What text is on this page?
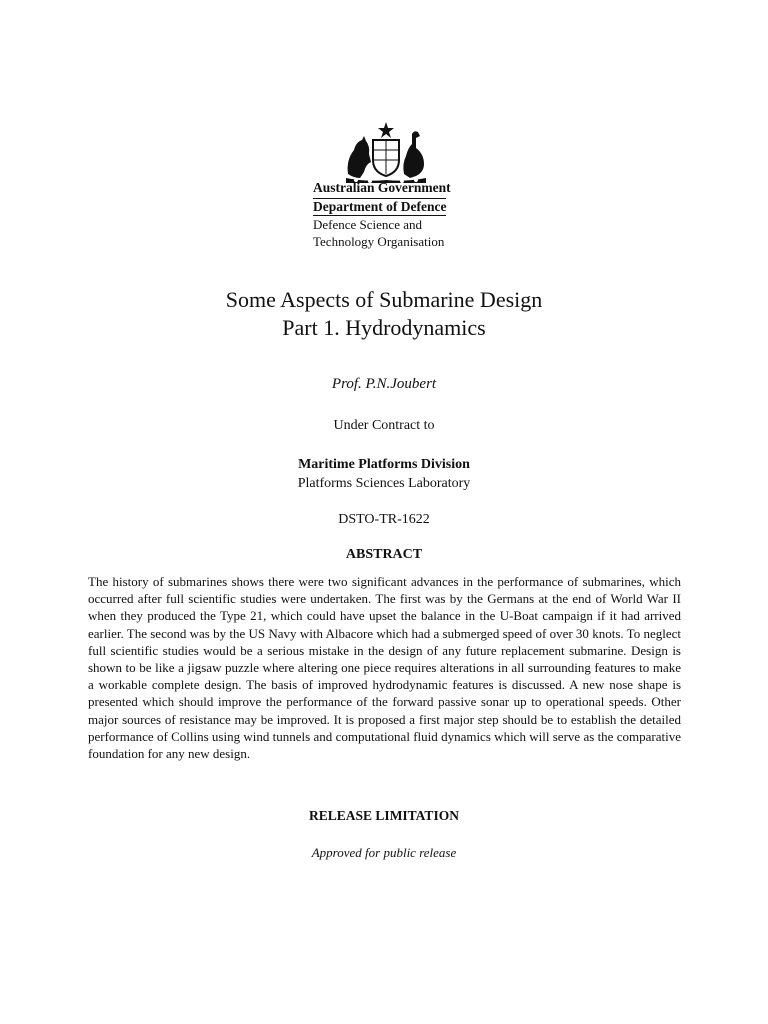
Australian Government
Department of Defence
Defence Science and
Technology Organisation
Some Aspects of Submarine Design
Part 1. Hydrodynamics
Prof. P.N.Joubert
Under Contract to
Maritime Platforms Division
Platforms Sciences Laboratory
DSTO-TR-1622
ABSTRACT
The history of submarines shows there were two significant advances in the performance of submarines, which occurred after full scientific studies were undertaken. The first was by the Germans at the end of World War II when they produced the Type 21, which could have upset the balance in the U-Boat campaign if it had arrived earlier. The second was by the US Navy with Albacore which had a submerged speed of over 30 knots. To neglect full scientific studies would be a serious mistake in the design of any future replacement submarine. Design is shown to be like a jigsaw puzzle where altering one piece requires alterations in all surrounding features to make a workable complete design. The basis of improved hydrodynamic features is discussed. A new nose shape is presented which should improve the performance of the forward passive sonar up to operational speeds. Other major sources of resistance may be improved. It is proposed a first major step should be to establish the detailed performance of Collins using wind tunnels and computational fluid dynamics which will serve as the comparative foundation for any new design.
RELEASE LIMITATION
Approved for public release
